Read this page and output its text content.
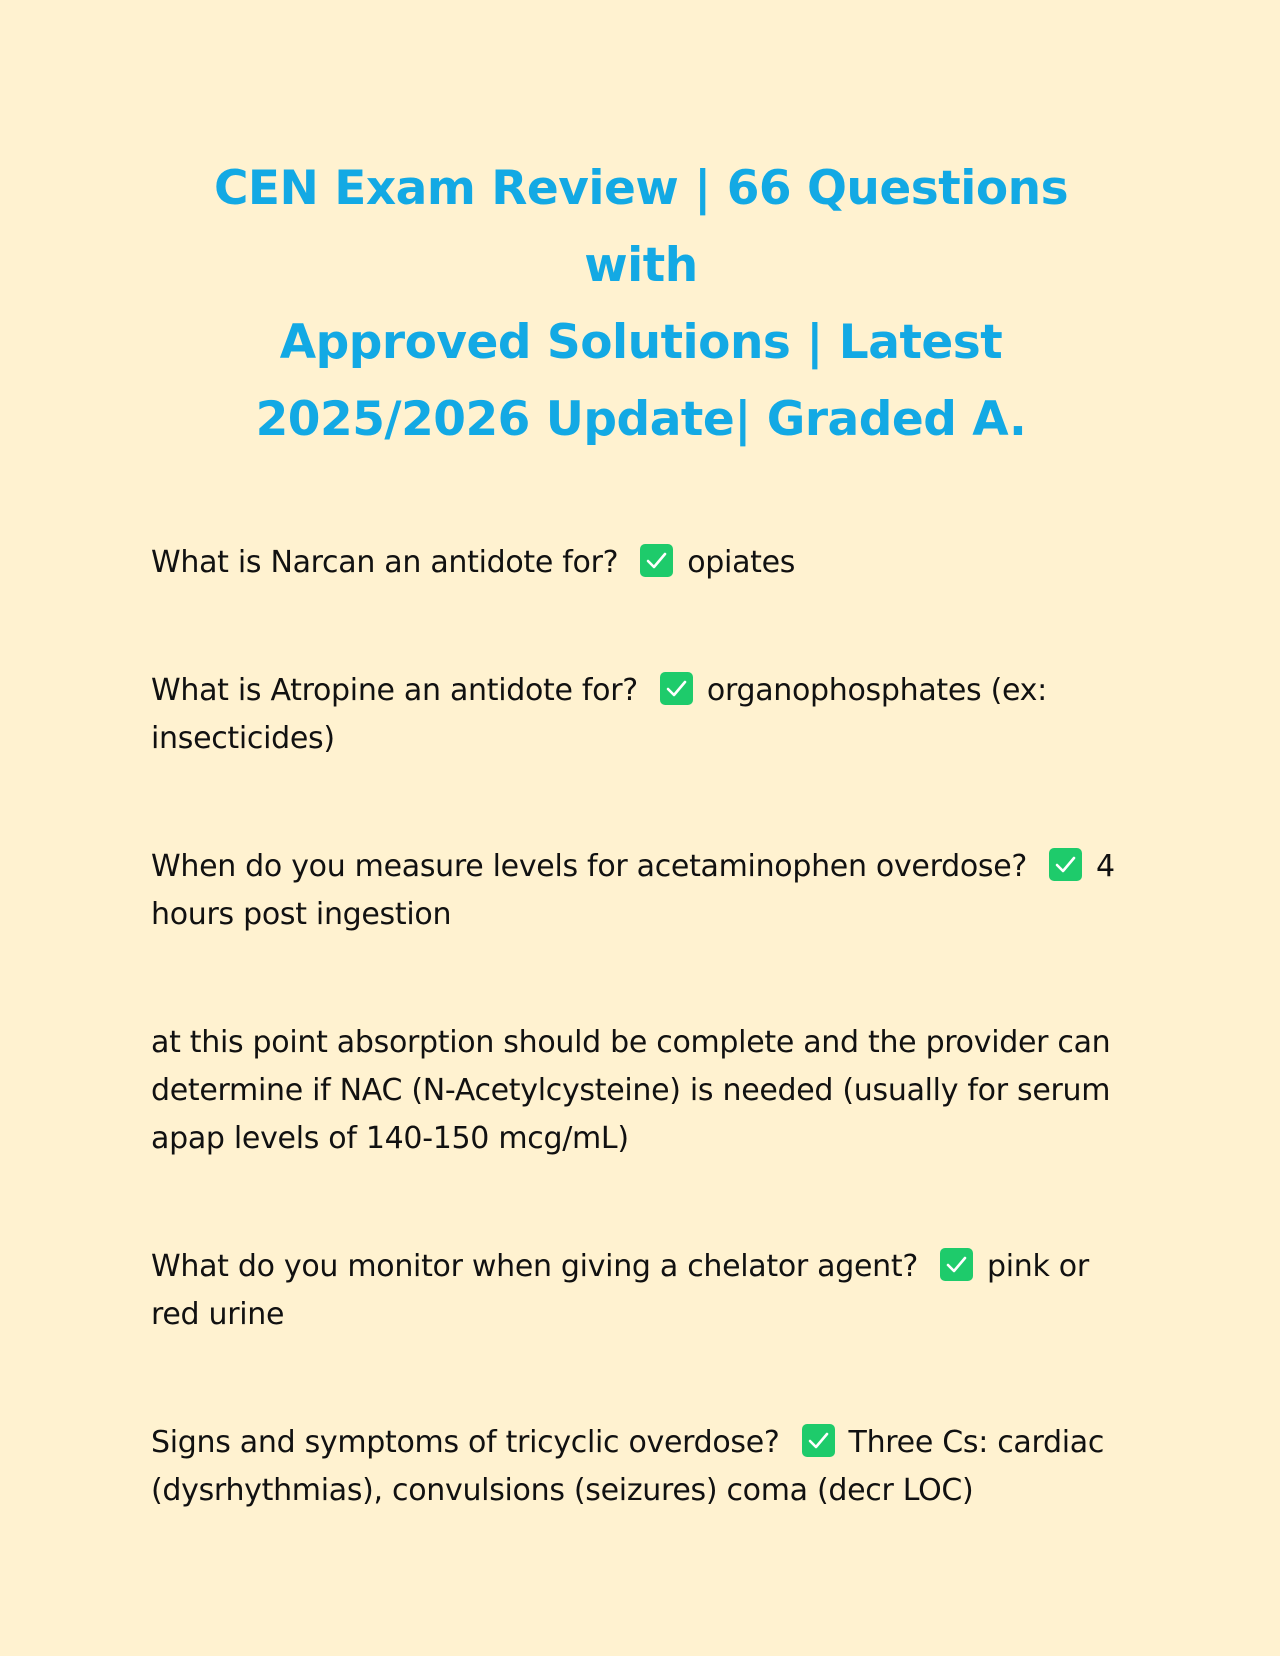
CEN Exam Review | 66 Questions with
Approved Solutions | Latest
2025/2026 Update| Graded A.

What is Narcan an antidote for? opiates

What is Atropine an antidote for? organophosphates (ex: insecticides)

When do you measure levels for acetaminophen overdose? 4 hours post ingestion

at this point absorption should be complete and the provider can determine if NAC (N-Acetylcysteine) is needed (usually for serum apap levels of 140-150 mcg/mL)

What do you monitor when giving a chelator agent? pink or red urine

Signs and symptoms of tricyclic overdose? Three Cs: cardiac (dysrhythmias), convulsions (seizures) coma (decr LOC)
